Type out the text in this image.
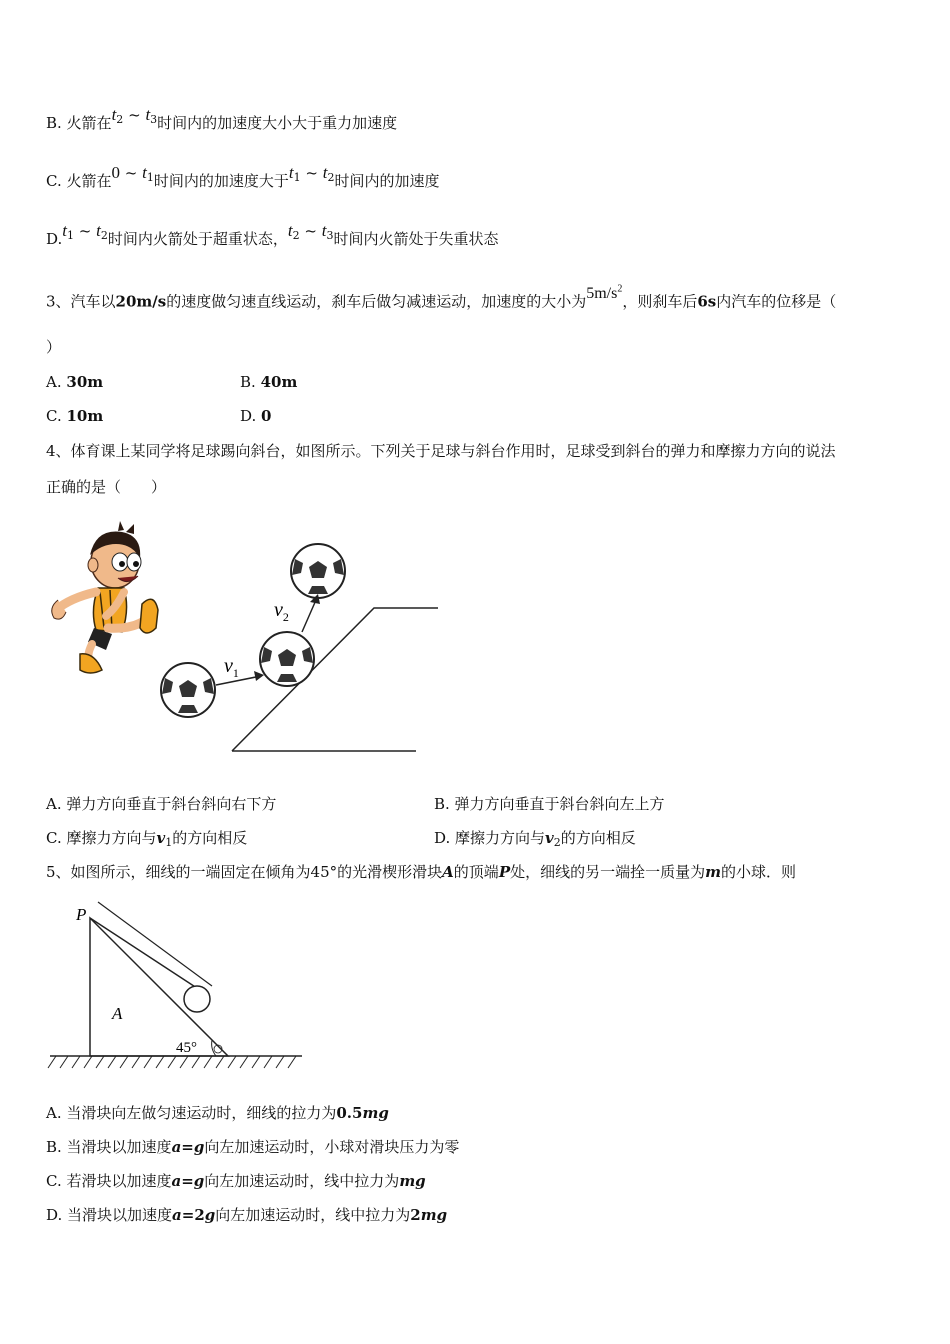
B. 火箭在$t_2$ ~ $t_3$时间内的加速度大小大于重力加速度
C. 火箭在0 ~ $t_1$时间内的加速度大于$t_1$ ~ $t_2$时间内的加速度
$D.t_1$ ~ $t_2$时间内火箭处于超重状态，$t_2$ ~ $t_3$时间内火箭处于失重状态
3、汽车以20m/s的速度做匀速直线运动，刹车后做匀减速运动，加速度的大小为$5m/s^2$，则刹车后6s内汽车的位移是（
）
A. 30m	B. 40m
C. 10m	D. 0
4、体育课上某同学将足球踢向斜台，如图所示。下列关于足球与斜台作用时，足球受到斜台的弹力和摩擦力方向的说法
正确的是（　　）
$v_1$
$v_2$
A. 弹力方向垂直于斜台斜向右下方	B. 弹力方向垂直于斜台斜向左上方
C. 摩擦力方向与$v_1$的方向相反	D. 摩擦力方向与$v_2$的方向相反
5、如图所示，细线的一端固定在倾角为45°的光滑楔形滑块A的顶端P处，细线的另一端拴一质量为m的小球．则
P
A
45°
A. 当滑块向左做匀速运动时，细线的拉力为0.5mg
B. 当滑块以加速度a=g向左加速运动时，小球对滑块压力为零
C. 若滑块以加速度a=g向左加速运动时，线中拉力为mg
D. 当滑块以加速度a=2g向左加速运动时，线中拉力为2mg
